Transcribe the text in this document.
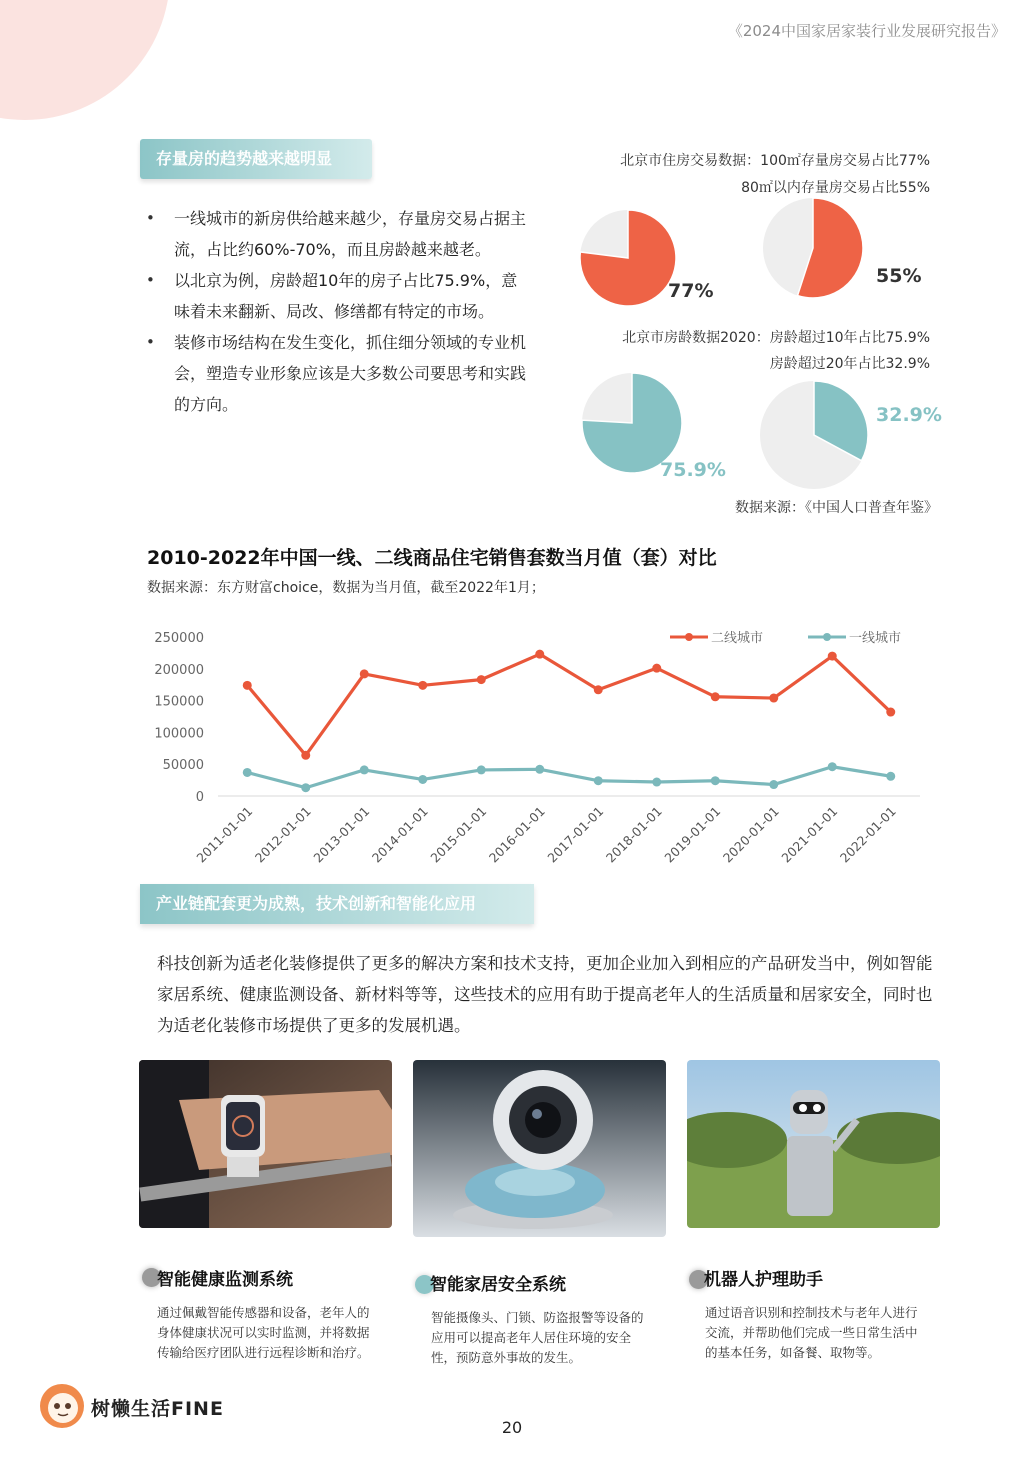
《2024中国家居家装行业发展研究报告》
存量房的趋势越来越明显
• 一线城市的新房供给越来越少，存量房交易占据主流，占比约60%-70%，而且房龄越来越老。
• 以北京为例，房龄超10年的房子占比75.9%，意味着未来翻新、局改、修缮都有特定的市场。
• 装修市场结构在发生变化，抓住细分领域的专业机会，塑造专业形象应该是大多数公司要思考和实践的方向。
北京市住房交易数据：100㎡存量房交易占比77%
80㎡以内存量房交易占比55%
北京市房龄数据2020：房龄超过10年占比75.9%
房龄超过20年占比32.9%
77%
55%
75.9%
32.9%
数据来源：《中国人口普查年鉴》
2010-2022年中国一线、二线商品住宅销售套数当月值（套）对比
数据来源：东方财富choice，数据为当月值，截至2022年1月；
250000
200000
150000
100000
50000
0
2011-01-01
2012-01-01
2013-01-01
2014-01-01
2015-01-01
2016-01-01
2017-01-01
2018-01-01
2019-01-01
2020-01-01
2021-01-01
2022-01-01
二线城市	一线城市
产业链配套更为成熟，技术创新和智能化应用
科技创新为适老化装修提供了更多的解决方案和技术支持，更加企业加入到相应的产品研发当中，例如智能家居系统、健康监测设备、新材料等等，这些技术的应用有助于提高老年人的生活质量和居家安全，同时也为适老化装修市场提供了更多的发展机遇。
智能健康监测系统
通过佩戴智能传感器和设备，老年人的身体健康状况可以实时监测，并将数据传输给医疗团队进行远程诊断和治疗。
智能家居安全系统
智能摄像头、门锁、防盗报警等设备的应用可以提高老年人居住环境的安全性，预防意外事故的发生。
机器人护理助手
通过语音识别和控制技术与老年人进行交流，并帮助他们完成一些日常生活中的基本任务，如备餐、取物等。
树懒生活FINE
20
